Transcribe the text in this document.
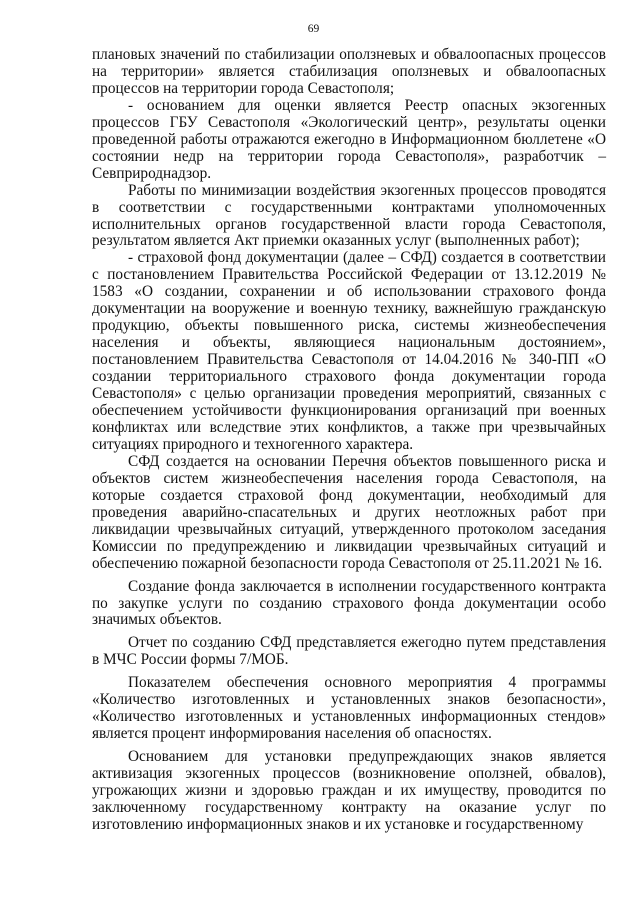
69

плановых значений по стабилизации оползневых и обвалоопасных процессов на территории» является стабилизация оползневых и обвалоопасных процессов на территории города Севастополя;

- основанием для оценки является Реестр опасных экзогенных процессов ГБУ Севастополя «Экологический центр», результаты оценки проведенной работы отражаются ежегодно в Информационном бюллетене «О состоянии недр на территории города Севастополя», разработчик – Севприроднадзор.

Работы по минимизации воздействия экзогенных процессов проводятся в соответствии с государственными контрактами уполномоченных исполнительных органов государственной власти города Севастополя, результатом является Акт приемки оказанных услуг (выполненных работ);

- страховой фонд документации (далее – СФД) создается в соответствии с постановлением Правительства Российской Федерации от 13.12.2019 № 1583 «О создании, сохранении и об использовании страхового фонда документации на вооружение и военную технику, важнейшую гражданскую продукцию, объекты повышенного риска, системы жизнеобеспечения населения и объекты, являющиеся национальным достоянием», постановлением Правительства Севастополя от 14.04.2016 № 340-ПП «О создании территориального страхового фонда документации города Севастополя» с целью организации проведения мероприятий, связанных с обеспечением устойчивости функционирования организаций при военных конфликтах или вследствие этих конфликтов, а также при чрезвычайных ситуациях природного и техногенного характера.

СФД создается на основании Перечня объектов повышенного риска и объектов систем жизнеобеспечения населения города Севастополя, на которые создается страховой фонд документации, необходимый для проведения аварийно-спасательных и других неотложных работ при ликвидации чрезвычайных ситуаций, утвержденного протоколом заседания Комиссии по предупреждению и ликвидации чрезвычайных ситуаций и обеспечению пожарной безопасности города Севастополя от 25.11.2021 № 16.

Создание фонда заключается в исполнении государственного контракта по закупке услуги по созданию страхового фонда документации особо значимых объектов.

Отчет по созданию СФД представляется ежегодно путем представления в МЧС России формы 7/МОБ.

Показателем обеспечения основного мероприятия 4 программы «Количество изготовленных и установленных знаков безопасности», «Количество изготовленных и установленных информационных стендов» является процент информирования населения об опасностях.

Основанием для установки предупреждающих знаков является активизация экзогенных процессов (возникновение оползней, обвалов), угрожающих жизни и здоровью граждан и их имуществу, проводится по заключенному государственному контракту на оказание услуг по изготовлению информационных знаков и их установке и государственному
